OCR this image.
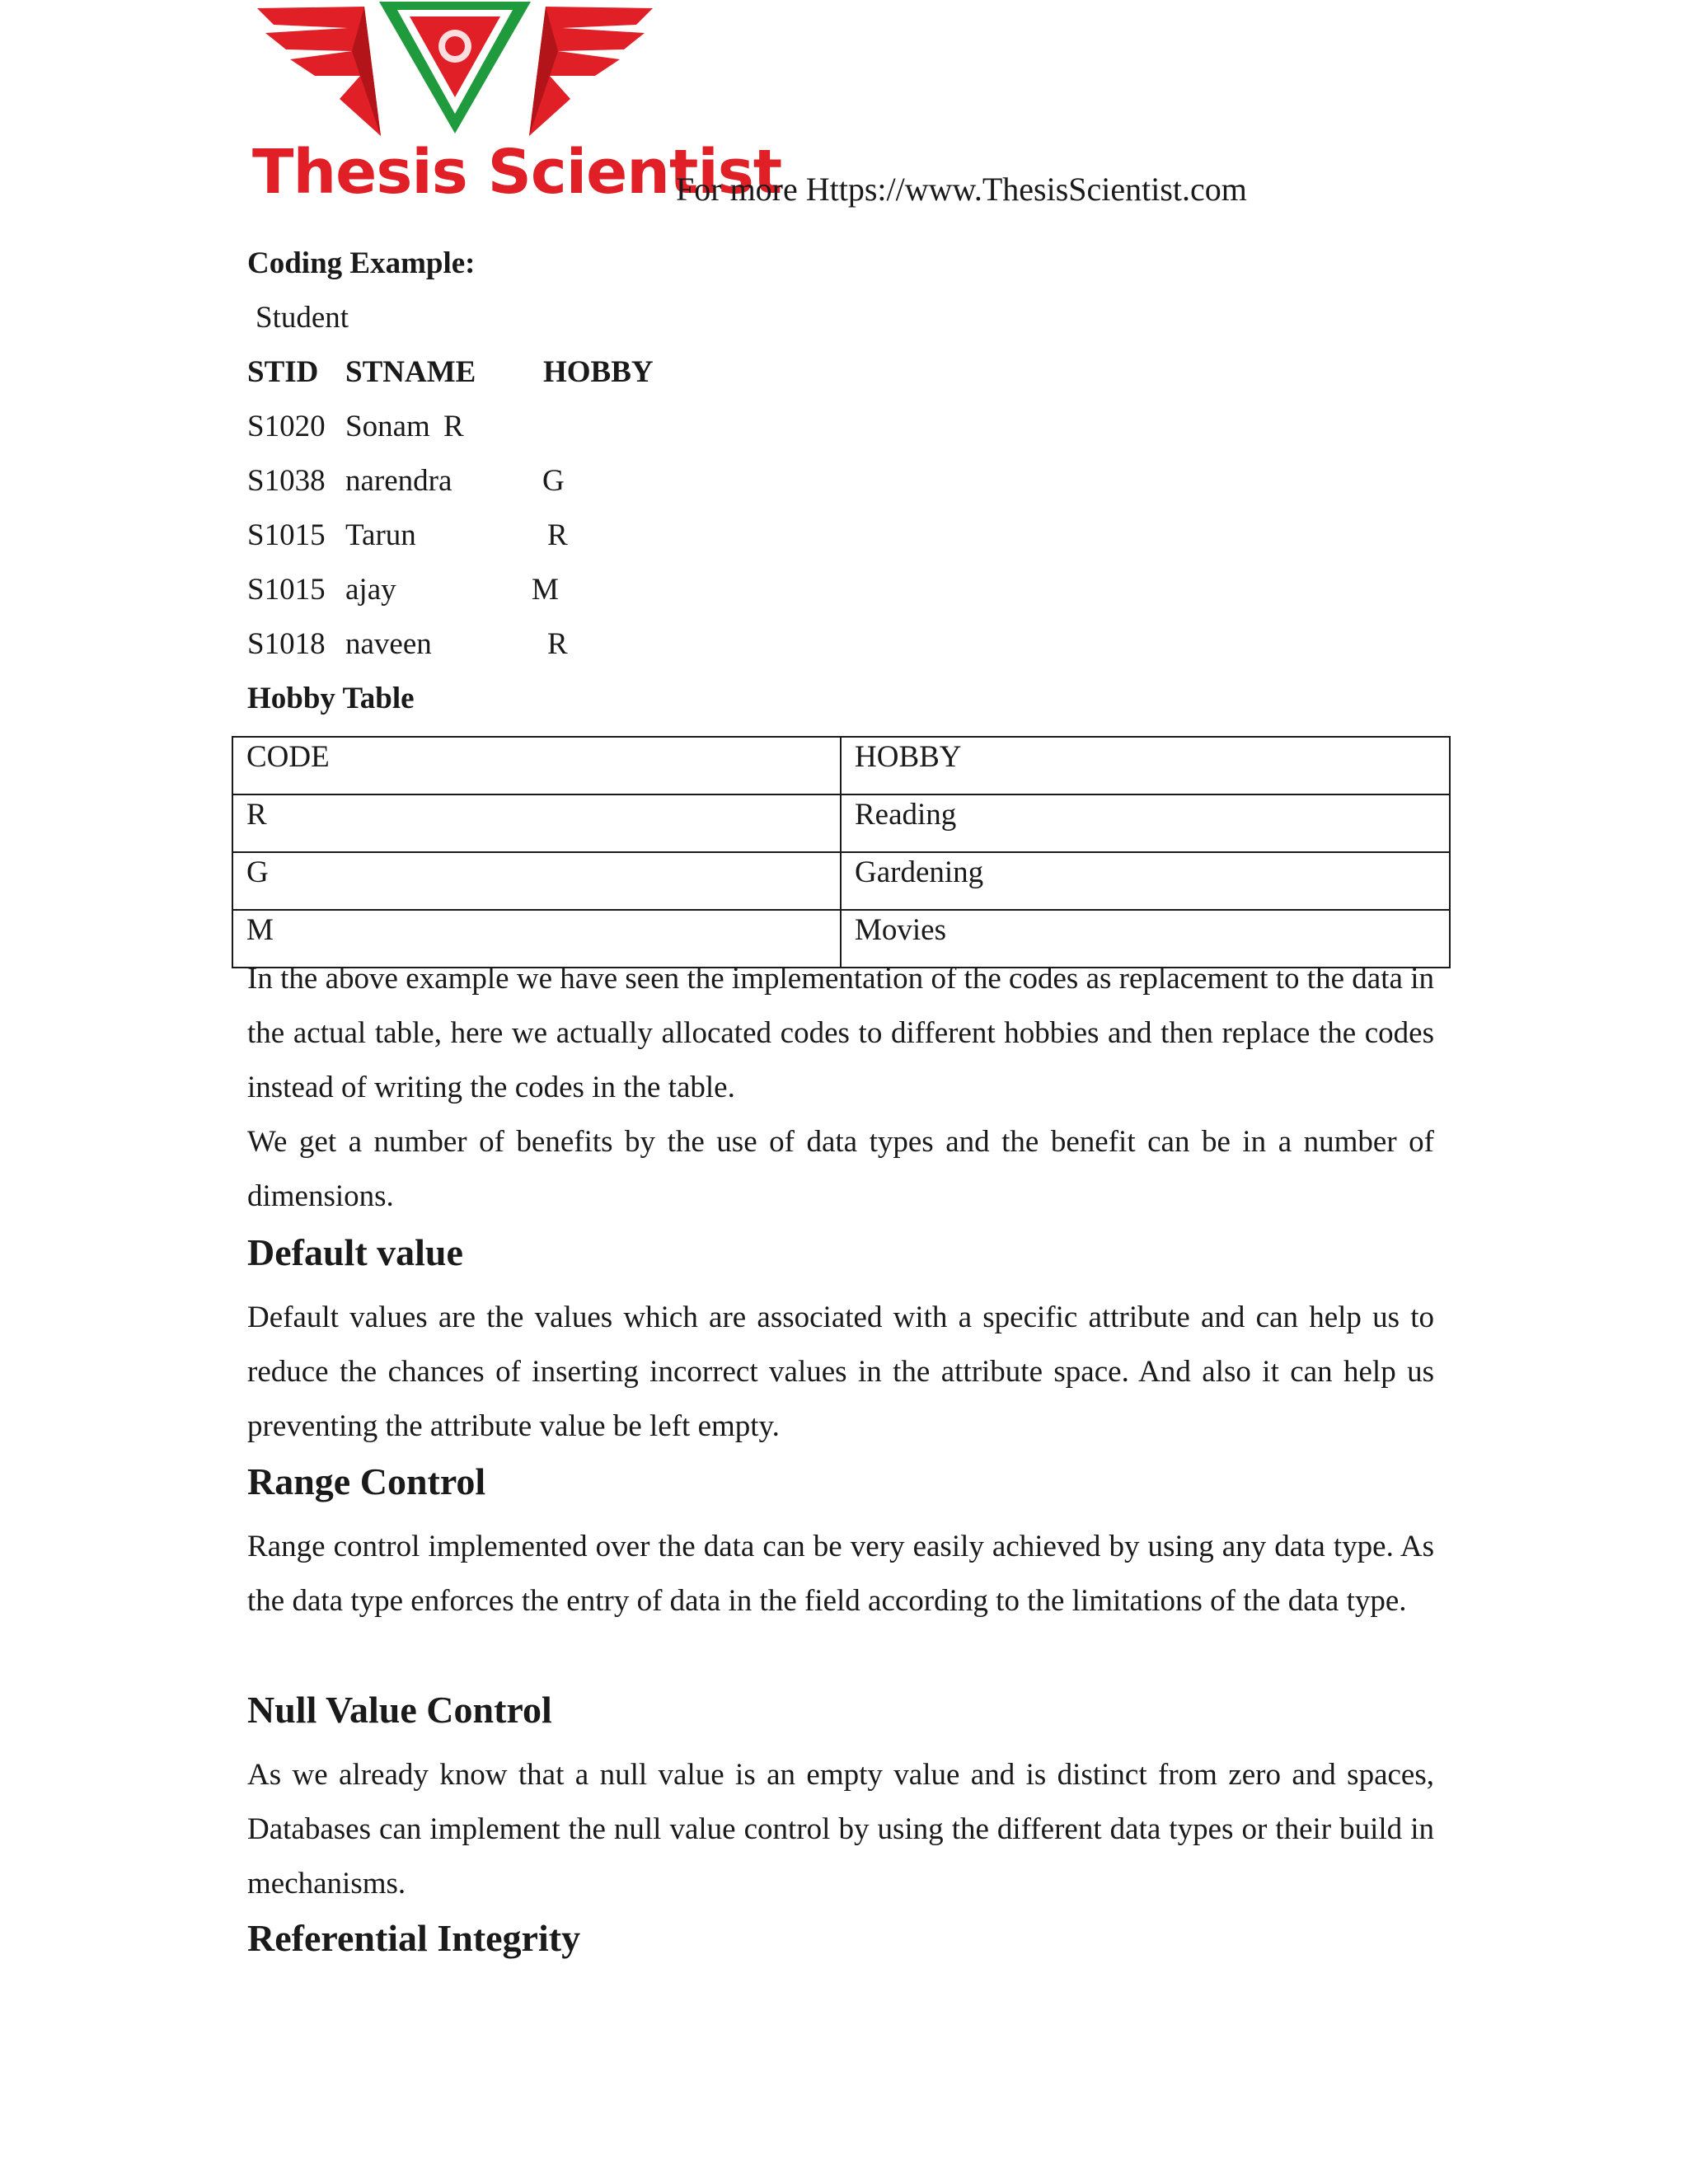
Thesis Scientist
For more Https://www.ThesisScientist.com
Coding Example:
Student
STID STNAME HOBBY
S1020 Sonam R
S1038 narendra	G
S1015 Tarun	R
S1015 ajay	M
S1018 naveen	R
Hobby Table
CODE	HOBBY
R	Reading
G	Gardening
M	Movies

In the above example we have seen the implementation of the codes as replacement to the data in the actual table, here we actually allocated codes to different hobbies and then replace the codes instead of writing the codes in the table.

We get a number of benefits by the use of data types and the benefit can be in a number of dimensions.

Default value

Default values are the values which are associated with a specific attribute and can help us to reduce the chances of inserting incorrect values in the attribute space. And also it can help us preventing the attribute value be left empty.

Range Control

Range control implemented over the data can be very easily achieved by using any data type. As the data type enforces the entry of data in the field according to the limitations of the data type.

Null Value Control

As we already know that a null value is an empty value and is distinct from zero and spaces, Databases can implement the null value control by using the different data types or their build in mechanisms.

Referential Integrity
